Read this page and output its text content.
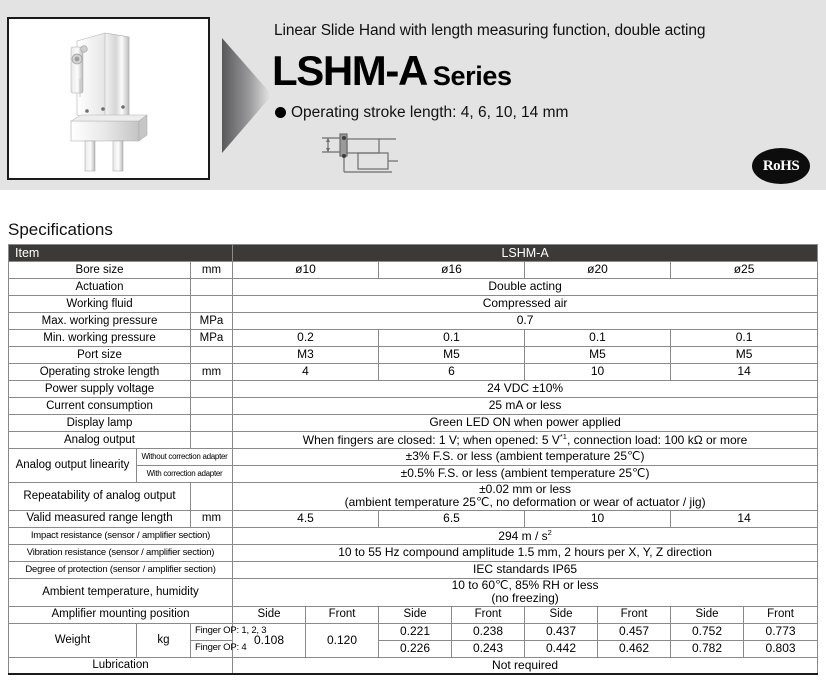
Linear Slide Hand with length measuring function, double acting
LSHM-A Series
Operating stroke length: 4, 6, 10, 14 mm
RoHS
Specifications
Item			LSHM-A							
Bore size		mm	ø10		ø16		ø20		ø25	
Actuation			Double acting							
Working fluid			Compressed air							
Max. working pressure		MPa	0.7							
Min. working pressure		MPa	0.2		0.1		0.1		0.1	
Port size			M3		M5		M5		M5	
Operating stroke length		mm	4		6		10		14	
Power supply voltage			24 VDC ±10%							
Current consumption			25 mA or less							
Display lamp			Green LED ON when power applied							
Analog output			When fingers are closed: 1 V; when opened: 5 $V^{*1}$, connection load: 100 kΩ or more							
Analog output linearity	Without correction adapter		±3% F.S. or less (ambient temperature 25℃)							
	With correction adapter		±0.5% F.S. or less (ambient temperature 25℃)							
Repeatability of analog output			±0.02 mm or less
(ambient temperature 25℃, no deformation or wear of actuator / jig)							

Valid measured range length		mm	4.5		6.5		10		14	
Impact resistance (sensor / amplifier section)			294 m / $s^2$
Vibration resistance (sensor / amplifier section)			10 to 55 Hz compound amplitude 1.5 mm, 2 hours per X, Y, Z direction							
Degree of protection (sensor / amplifier section)			IEC standards IP65							
Ambient temperature, humidity			10 to 60℃, 85% RH or less
(no freezing)							

Amplifier mounting position			Side	Front	Side	Front	Side	Front	Side	Front
Weight	kg	Finger OP: 1, 2, 3	0.108	0.120	0.221	0.238	0.437	0.457	0.752	0.773
		Finger OP: 4			0.226	0.243	0.442	0.462	0.782	0.803
Lubrication			Not required							
